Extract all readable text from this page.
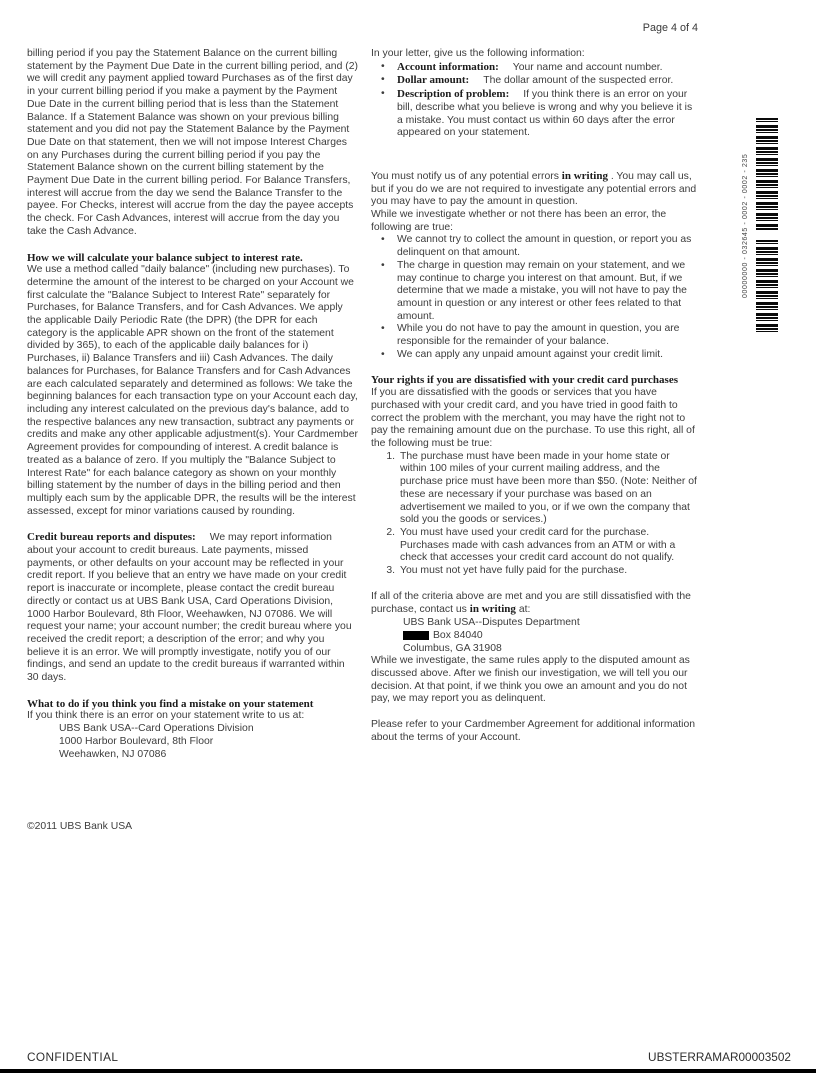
Page 4 of 4

billing period if you pay the Statement Balance on the current billing statement by the Payment Due Date in the current billing period, and (2) we will credit any payment applied toward Purchases as of the first day in your current billing period if you make a payment by the Payment Due Date in the current billing period that is less than the Statement Balance. If a Statement Balance was shown on your previous billing statement and you did not pay the Statement Balance by the Payment Due Date on that statement, then we will not impose Interest Charges on any Purchases during the current billing period if you pay the Statement Balance shown on the current billing statement by the Payment Due Date in the current billing period. For Balance Transfers, interest will accrue from the day we send the Balance Transfer to the payee. For Checks, interest will accrue from the day the payee accepts the check. For Cash Advances, interest will accrue from the day you take the Cash Advance.

How we will calculate your balance subject to interest rate.

We use a method called "daily balance" (including new purchases). To determine the amount of the interest to be charged on your Account we first calculate the "Balance Subject to Interest Rate" separately for Purchases, for Balance Transfers, and for Cash Advances. We apply the applicable Daily Periodic Rate (the DPR) (the DPR for each category is the applicable APR shown on the front of the statement divided by 365), to each of the applicable daily balances for i) Purchases, ii) Balance Transfers and iii) Cash Advances. The daily balances for Purchases, for Balance Transfers and for Cash Advances are each calculated separately and determined as follows: We take the beginning balances for each transaction type on your Account each day, including any interest calculated on the previous day's balance, add to the respective balances any new transaction, subtract any payments or credits and make any other applicable adjustment(s). Your Cardmember Agreement provides for compounding of interest. A credit balance is treated as a balance of zero. If you multiply the "Balance Subject to Interest Rate" for each balance category as shown on your monthly billing statement by the number of days in the billing period and then multiply each sum by the applicable DPR, the results will be the interest assessed, except for minor variations caused by rounding.

Credit bureau reports and disputes: We may report information about your account to credit bureaus. Late payments, missed payments, or other defaults on your account may be reflected in your credit report. If you believe that an entry we have made on your credit report is inaccurate or incomplete, please contact the credit bureau directly or contact us at UBS Bank USA, Card Operations Division, 1000 Harbor Boulevard, 8th Floor, Weehawken, NJ 07086. We will request your name; your account number; the credit bureau where you received the credit report; a description of the error; and why you believe it is an error. We will promptly investigate, notify you of our findings, and send an update to the credit bureaus if warranted within 30 days.

What to do if you think you find a mistake on your statement

If you think there is an error on your statement write to us at:

UBS Bank USA--Card Operations Division

1000 Harbor Boulevard, 8th Floor

Weehawken, NJ 07086

In your letter, give us the following information:

•	Account information: Your name and account number.
•	Dollar amount: The dollar amount of the suspected error.
•	Description of problem: If you think there is an error on your bill, describe what you believe is wrong and why you believe it is a mistake. You must contact us within 60 days after the error appeared on your statement.

You must notify us of any potential errors in writing . You may call us, but if you do we are not required to investigate any potential errors and you may have to pay the amount in question.

While we investigate whether or not there has been an error, the following are true:

•	We cannot try to collect the amount in question, or report you as delinquent on that amount.
•	The charge in question may remain on your statement, and we may continue to charge you interest on that amount. But, if we determine that we made a mistake, you will not have to pay the amount in question or any interest or other fees related to that amount.
•	While you do not have to pay the amount in question, you are responsible for the remainder of your balance.
•	We can apply any unpaid amount against your credit limit.

Your rights if you are dissatisfied with your credit card purchases

If you are dissatisfied with the goods or services that you have purchased with your credit card, and you have tried in good faith to correct the problem with the merchant, you may have the right not to pay the remaining amount due on the purchase. To use this right, all of the following must be true:

1. The purchase must have been made in your home state or within 100 miles of your current mailing address, and the purchase price must have been more than $50. (Note: Neither of these are necessary if your purchase was based on an advertisement we mailed to you, or if we own the company that sold you the goods or services.)
2. You must have used your credit card for the purchase. Purchases made with cash advances from an ATM or with a check that accesses your credit card account do not qualify.
3. You must not yet have fully paid for the purchase.

If all of the criteria above are met and you are still dissatisfied with the purchase, contact us in writing at:

UBS Bank USA--Disputes Department

Box 84040

Columbus, GA 31908

While we investigate, the same rules apply to the disputed amount as discussed above. After we finish our investigation, we will tell you our decision. At that point, if we think you owe an amount and you do not pay, we may report you as delinquent.

Please refer to your Cardmember Agreement for additional information about the terms of your Account.

00000000 - 032645 - 0002 - 0002 - 235
©2011 UBS Bank USA
CONFIDENTIAL	UBSTERRAMAR00003502
